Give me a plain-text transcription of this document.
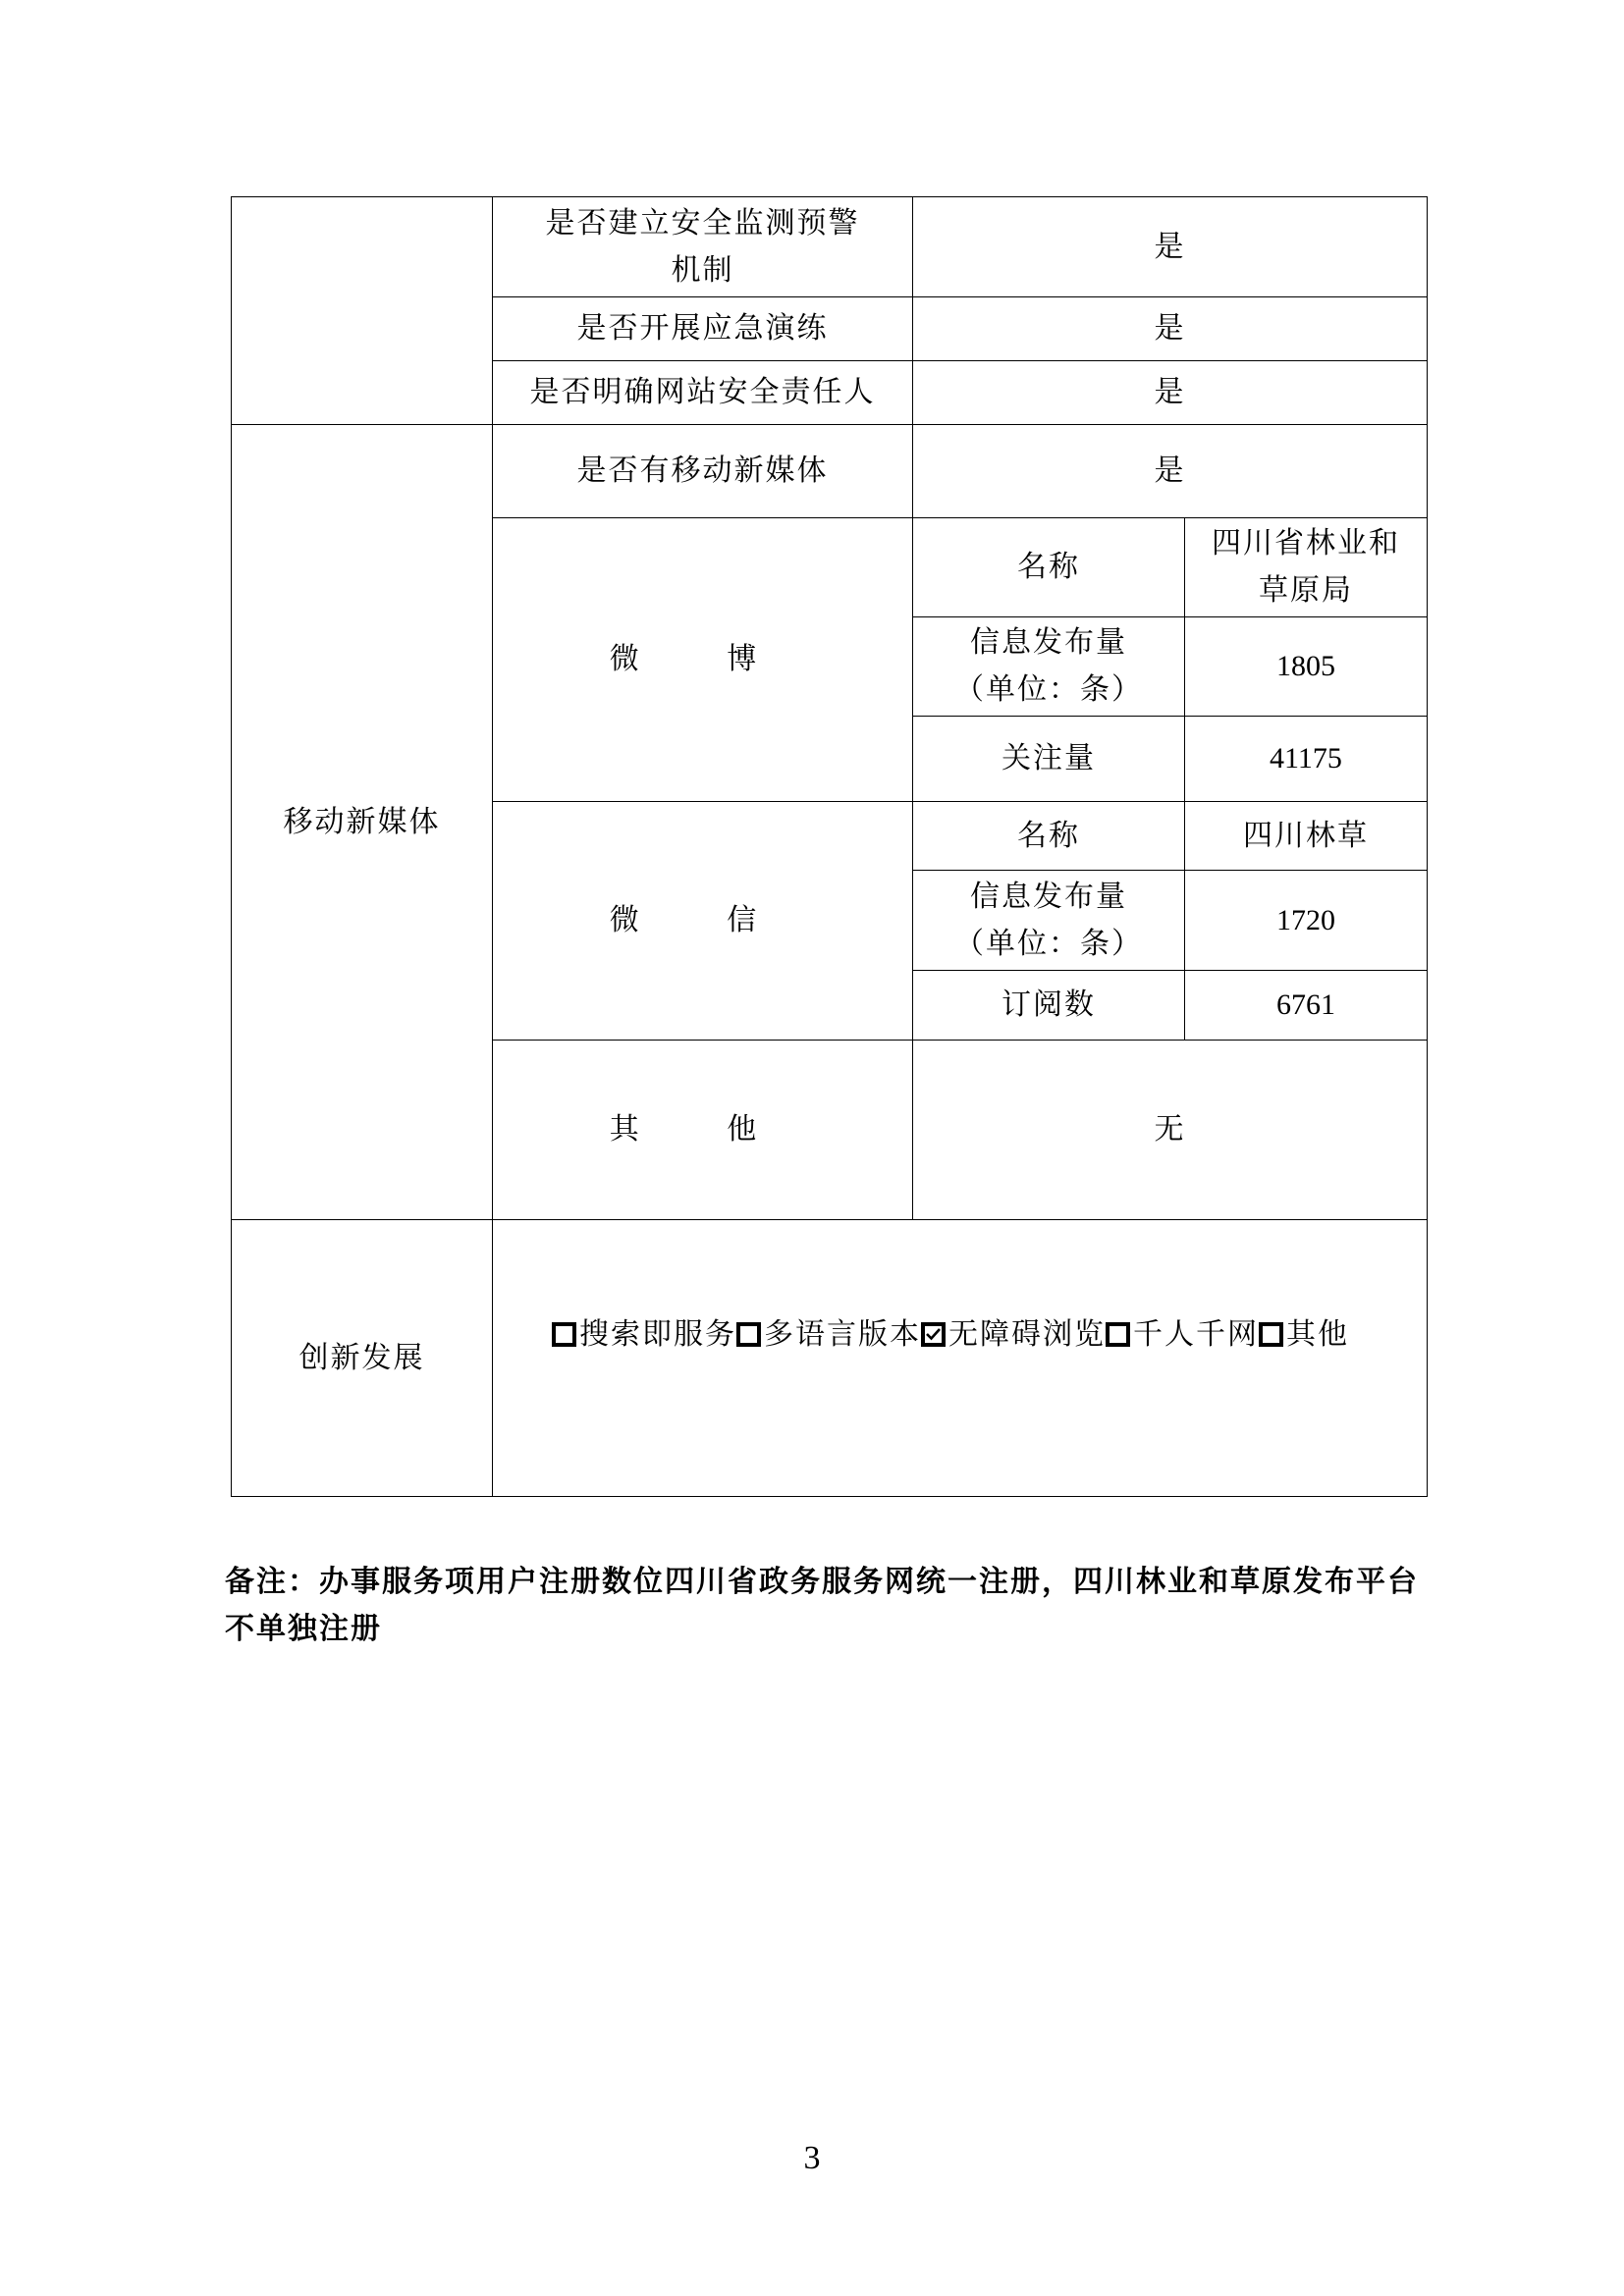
	是否建立安全监测预警机制	是	
	是否开展应急演练	是	
	是否明确网站安全责任人	是	
移动新媒体	是否有移动新媒体	是	
	微 博	名称	四川省林业和草原局
		信息发布量（单位：条）	1805
		关注量	41175
	微 信	名称	四川林草
		信息发布量（单位：条）	1720
		订阅数	6761
	其 他	无	
创新发展	搜索即服务 多语言版本 无障碍浏览 千人千网 其他		
备注：办事服务项用户注册数位四川省政务服务网统一注册，四川林业和草原发布平台不单独注册
3
